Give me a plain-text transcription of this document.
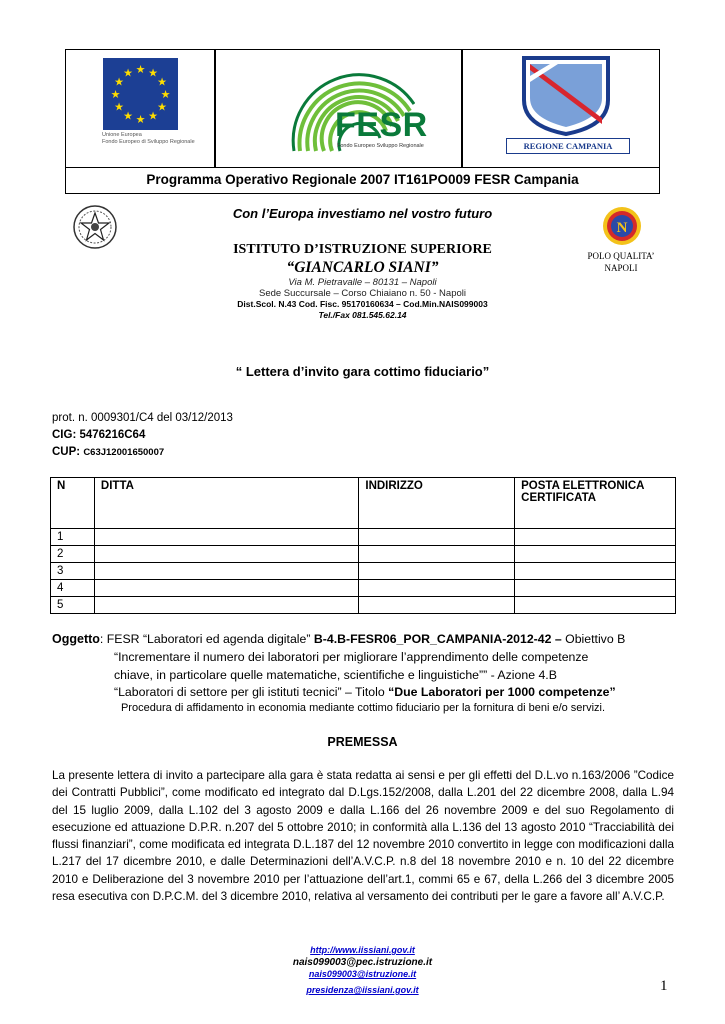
★ ★
★
★
★
★
★
★
★
★
★
★
Unione Europea
Fondo Europeo di Sviluppo Regionale	FESR
Fondo Europeo Sviluppo Regionale	REGIONE CAMPANIA
Programma Operativo Regionale 2007 IT161PO009 FESR Campania
Con l’Europa investiamo nel vostro futuro
ISTITUTO D’ISTRUZIONE SUPERIORE
“GIANCARLO SIANI”
Via M. Pietravalle – 80131 – Napoli
Sede Succursale – Corso Chiaiano n. 50 - Napoli
Dist.Scol. N.43 Cod. Fisc. 95170160634 – Cod.Min.NAIS099003
Tel./Fax 081.545.62.14
N
POLO QUALITA’
NAPOLI
“ Lettera d’invito gara cottimo fiduciario”
prot. n. 0009301/C4 del 03/12/2013
CIG: 5476216C64
CUP: C63J12001650007
N	DITTA	INDIRIZZO	POSTA ELETTRONICA CERTIFICATA
1			
2			
3			
4			
5			
Oggetto: FESR “Laboratori ed agenda digitale” B-4.B-FESR06_POR_CAMPANIA-2012-42 – Obiettivo B
“Incrementare il numero dei laboratori per migliorare l’apprendimento delle competenze
chiave, in particolare quelle matematiche, scientifiche e linguistiche”” - Azione 4.B
“Laboratori di settore per gli istituti tecnici” – Titolo “Due Laboratori per 1000 competenze”
Procedura di affidamento in economia mediante cottimo fiduciario per la fornitura di beni e/o servizi.
PREMESSA
La presente lettera di invito a partecipare alla gara è stata redatta ai sensi e per gli effetti del D.L.vo n.163/2006 ”Codice dei Contratti Pubblici”, come modificato ed integrato dal D.Lgs.152/2008, dalla L.201 del 22 dicembre 2008, dalla L.94 del 15 luglio 2009, dalla L.102 del 3 agosto 2009 e dalla L.166 del 26 novembre 2009 e del suo Regolamento di esecuzione ed attuazione D.P.R. n.207 del 5 ottobre 2010; in conformità alla L.136 del 13 agosto 2010 “Tracciabilità dei flussi finanziari”, come modificata ed integrata D.L.187 del 12 novembre 2010 convertito in legge con modificazioni dalla L.217 del 17 dicembre 2010, e dalle Determinazioni dell’A.V.C.P. n.8 del 18 novembre 2010 e n. 10 del 22 dicembre 2010 e Deliberazione del 3 novembre 2010 per l’attuazione dell’art.1, commi 65 e 67, della L.266 del 3 dicembre 2005 resa esecutiva con D.P.C.M. del 3 dicembre 2010, relativa al versamento dei contributi per le gare a favore all’ A.V.C.P.
http://www.iissiani.gov.it
nais099003@pec.istruzione.it
nais099003@istruzione.it
presidenza@iissiani.gov.it	1
